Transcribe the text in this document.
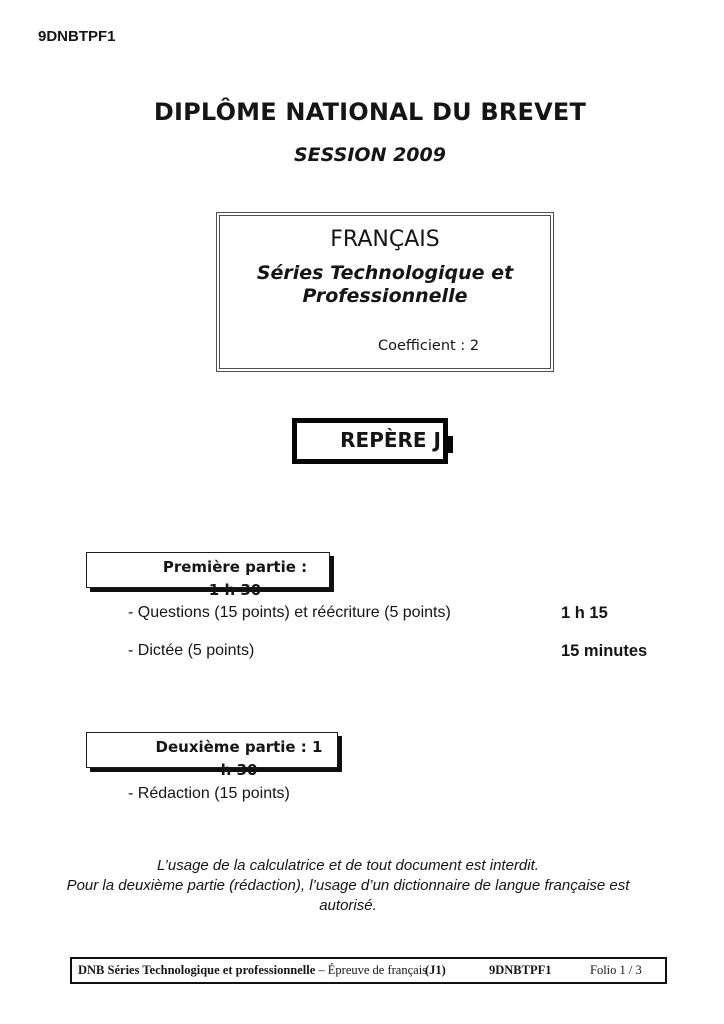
9DNBTPF1
DIPLÔME NATIONAL DU BREVET
SESSION 2009
FRANÇAIS
Séries Technologique et
Professionnelle
Coefficient : 2
REPÈRE J
Première partie :
1 h 30
- Questions (15 points) et réécriture (5 points)	1 h 15
- Dictée (5 points)	15 minutes
Deuxième partie : 1
h 30
- Rédaction (15 points)
L’usage de la calculatrice et de tout document est interdit.
Pour la deuxième partie (rédaction), l’usage d’un dictionnaire de langue française est
autorisé.
DNB Séries Technologique et professionnelle – Épreuve de français
(J1)	9DNBTPF1	Folio 1 / 3
